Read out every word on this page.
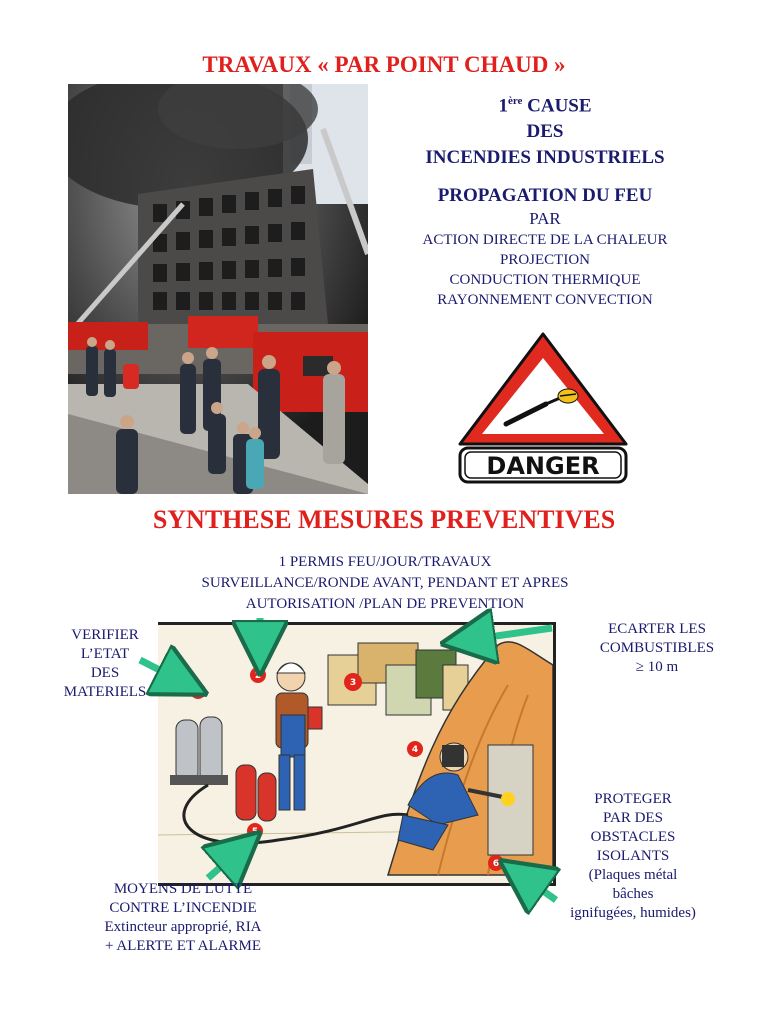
TRAVAUX « PAR POINT CHAUD »
1ère CAUSE
DES
INCENDIES INDUSTRIELS
PROPAGATION DU FEU
PAR
ACTION DIRECTE DE LA CHALEUR
PROJECTION
CONDUCTION THERMIQUE
RAYONNEMENT CONVECTION
DANGER
SYNTHESE MESURES PREVENTIVES
1 PERMIS FEU/JOUR/TRAVAUX
SURVEILLANCE/RONDE AVANT, PENDANT ET APRES
AUTORISATION /PLAN DE PREVENTION
1
2
3
4
5
6
VERIFIER
L’ETAT
DES
MATERIELS
ECARTER LES
COMBUSTIBLES
≥ 10 m
PROTEGER
PAR DES
OBSTACLES
ISOLANTS
(Plaques métal
bâches
ignifugées, humides)
MOYENS DE LUTTE
CONTRE L’INCENDIE
Extincteur approprié, RIA
+ ALERTE ET ALARME
